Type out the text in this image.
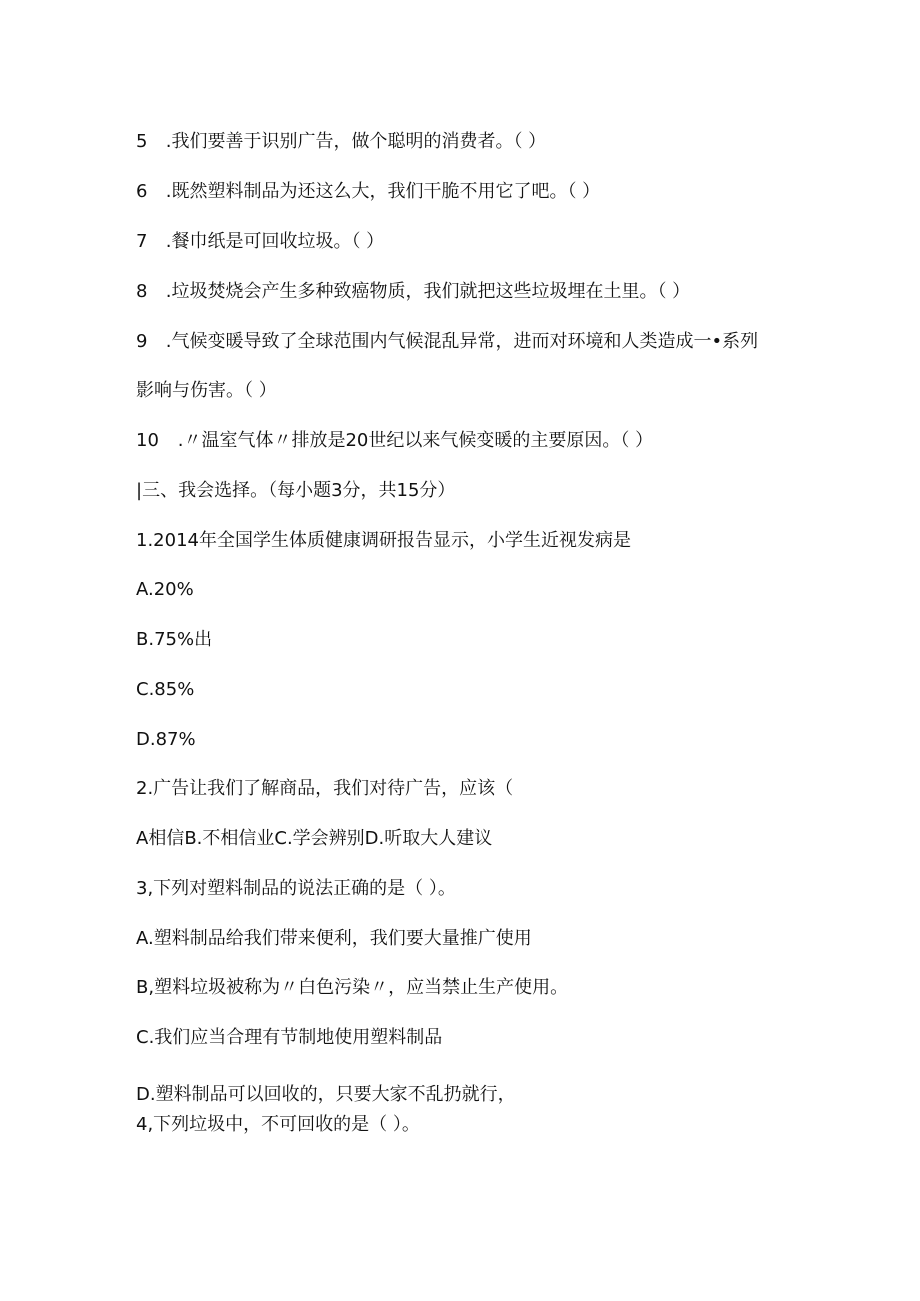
5 .我们要善于识别广告，做个聪明的消费者。（ ）
6 .既然塑料制品为还这么大，我们干脆不用它了吧。（ ）
7 .餐巾纸是可回收垃圾。（ ）
8 .垃圾焚烧会产生多种致癌物质，我们就把这些垃圾埋在土里。（ ）
9 .气候变暖导致了全球范围内气候混乱异常，进而对环境和人类造成一•系列
影响与伤害。（ ）
10 .〃温室气体〃排放是20世纪以来气候变暖的主要原因。（ ）
|三、我会选择。（每小题3分，共15分）
1.2014年全国学生体质健康调研报告显示，小学生近视发病是
A.20%
B.75%出
C.85%
D.87%
2.广告让我们了解商品，我们对待广告，应该（
A相信B.不相信业C.学会辨别D.听取大人建议
3,下列对塑料制品的说法正确的是（ ）。
A.塑料制品给我们带来便利，我们要大量推广使用
B,塑料垃圾被称为〃白色污染〃，应当禁止生产使用。
C.我们应当合理有节制地使用塑料制品
D.塑料制品可以回收的，只要大家不乱扔就行，
4,下列垃圾中，不可回收的是（ ）。
